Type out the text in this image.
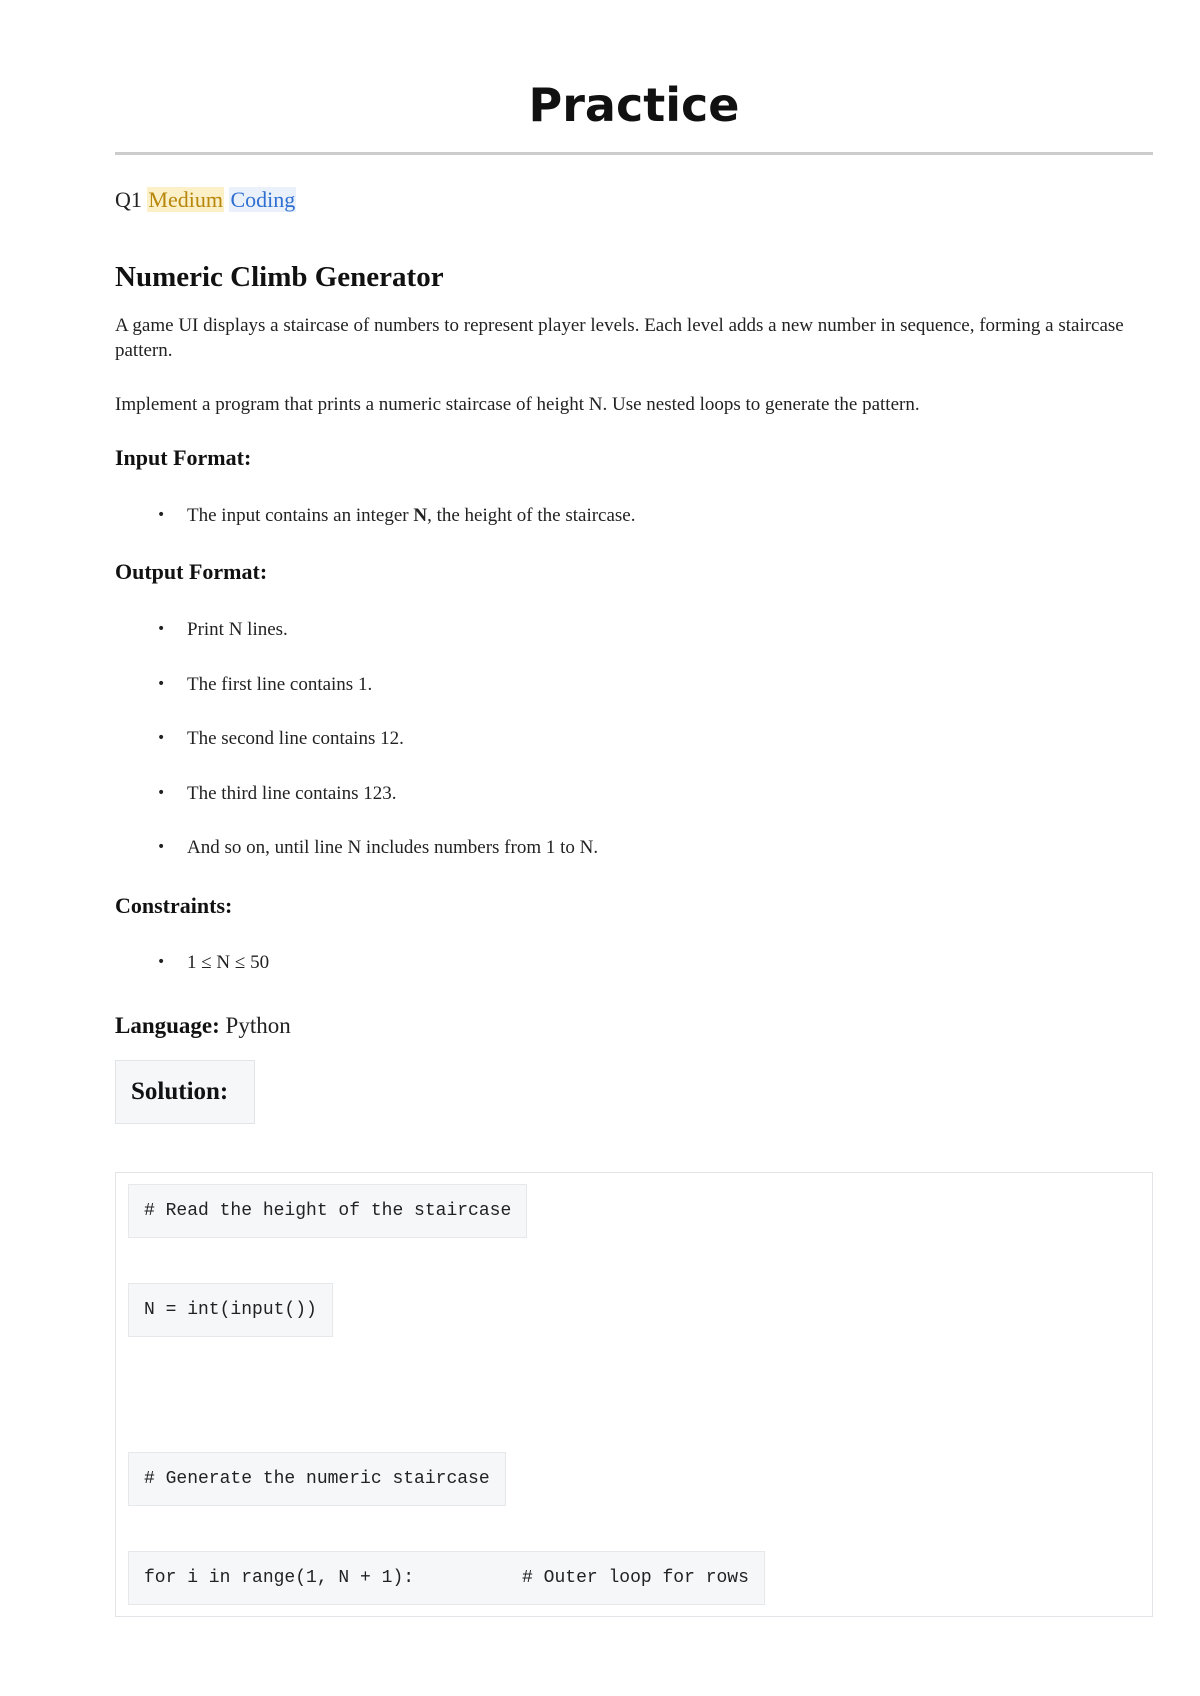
Practice
Q1 Medium Coding
Numeric Climb Generator

A game UI displays a staircase of numbers to represent player levels. Each level adds a new number in sequence, forming a staircase pattern.

Implement a program that prints a numeric staircase of height N. Use nested loops to generate the pattern.

Input Format:
• The input contains an integer N, the height of the staircase.
Output Format:
• Print N lines.
• The first line contains 1.
• The second line contains 12.
• The third line contains 123.
• And so on, until line N includes numbers from 1 to N.
Constraints:
• 1 ≤ N ≤ 50
Language: Python
Solution:
# Read the height of the staircase
N = int(input())
# Generate the numeric staircase
for i in range(1, N + 1):          # Outer loop for rows
